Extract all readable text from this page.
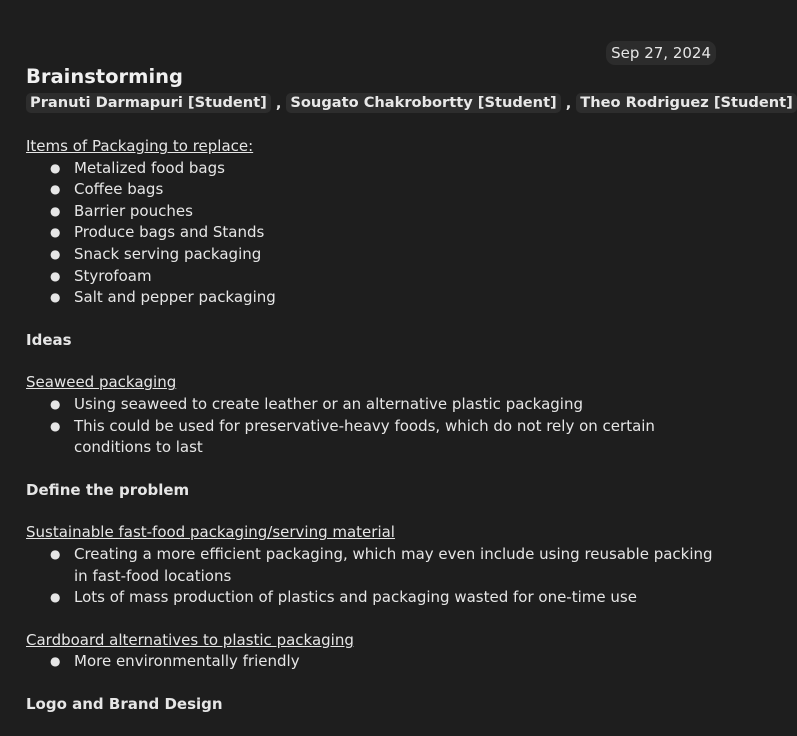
Sep 27, 2024
Brainstorming
Pranuti Darmapuri [Student] , Sougato Chakrobortty [Student] , Theo Rodriguez [Student]
Items of Packaging to replace:
● Metalized food bags
● Coffee bags
● Barrier pouches
● Produce bags and Stands
● Snack serving packaging
● Styrofoam
● Salt and pepper packaging
Ideas
Seaweed packaging
● Using seaweed to create leather or an alternative plastic packaging
● This could be used for preservative-heavy foods, which do not rely on certain conditions to last
Define the problem
Sustainable fast-food packaging/serving material
● Creating a more efficient packaging, which may even include using reusable packing in fast-food locations
● Lots of mass production of plastics and packaging wasted for one-time use
Cardboard alternatives to plastic packaging
● More environmentally friendly
Logo and Brand Design
